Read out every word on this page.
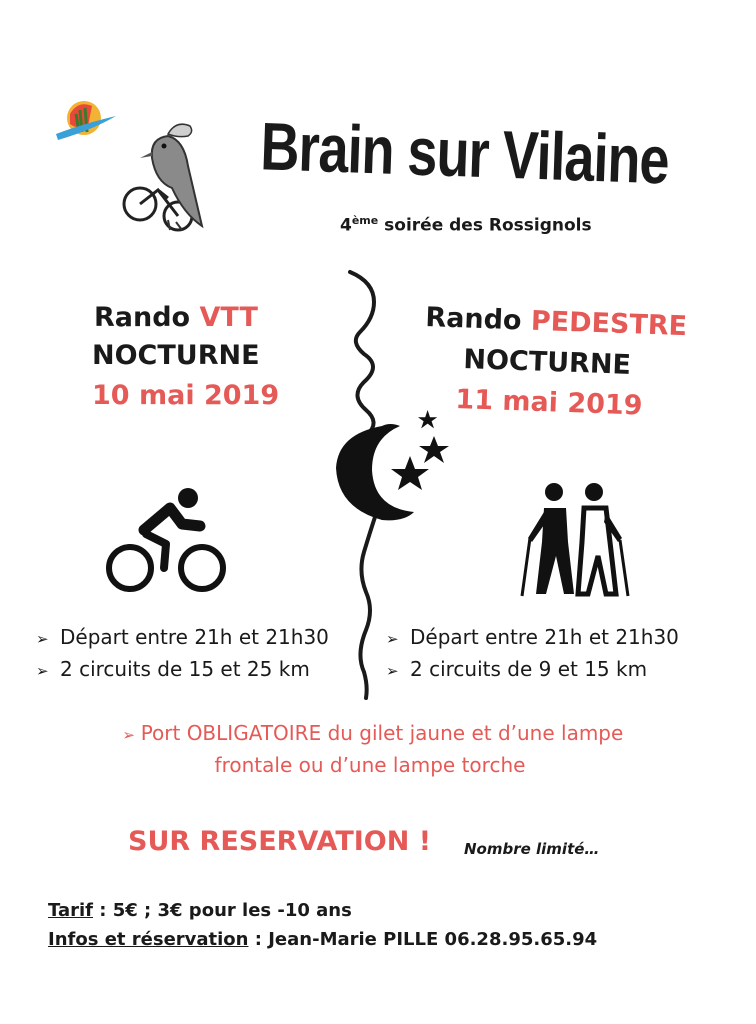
Brain sur Vilaine
4ème soirée des Rossignols
Rando VTT
NOCTURNE
10 mai 2019
Rando PEDESTRE
NOCTURNE
11 mai 2019
➢ Départ entre 21h et 21h30
➢ 2 circuits de 15 et 25 km
➢ Départ entre 21h et 21h30
➢ 2 circuits de 9 et 15 km
➢ Port OBLIGATOIRE du gilet jaune et d’une lampe
frontale ou d’une lampe torche
SUR RESERVATION ! Nombre limité…
Tarif : 5€ ; 3€ pour les -10 ans
Infos et réservation : Jean-Marie PILLE 06.28.95.65.94
